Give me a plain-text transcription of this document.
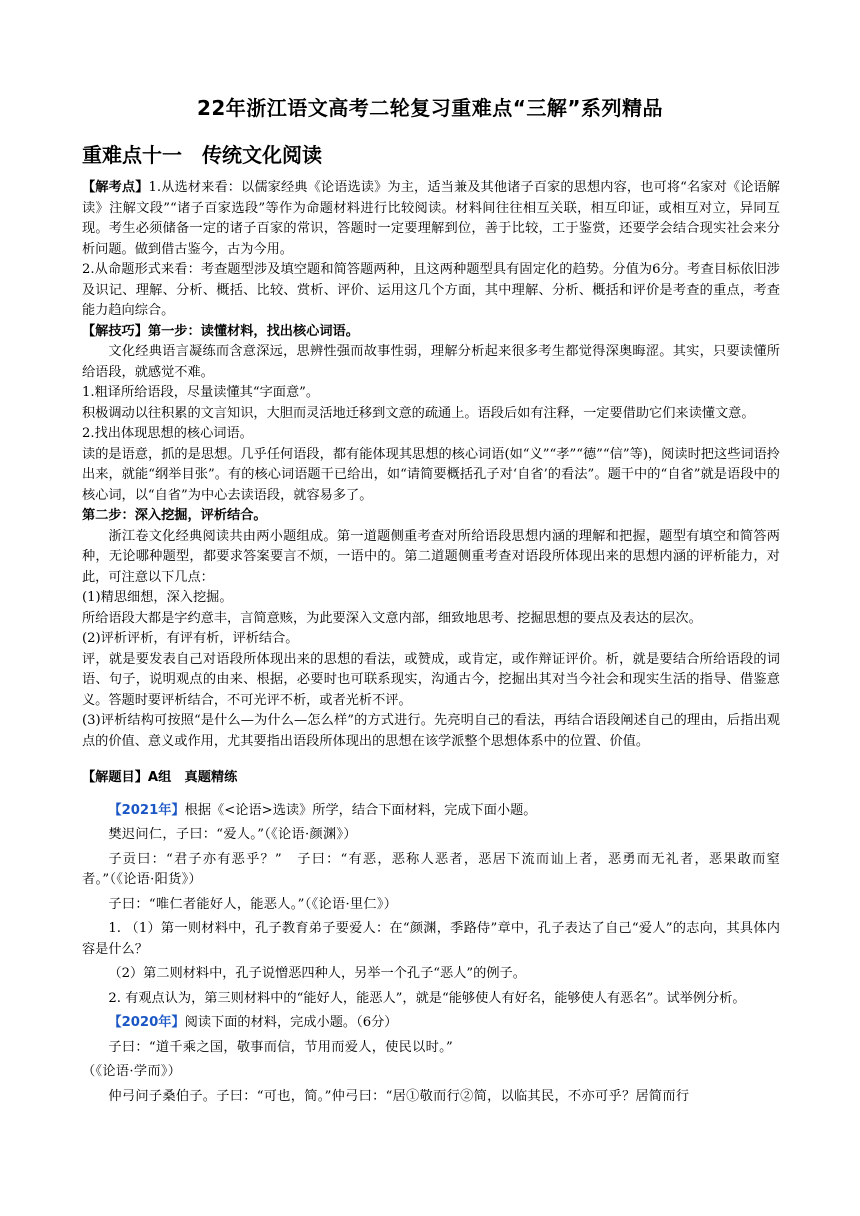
22年浙江语文高考二轮复习重难点“三解”系列精品
重难点十一　传统文化阅读

【解考点】1.从选材来看：以儒家经典《论语选读》为主，适当兼及其他诸子百家的思想内容，也可将“名家对《论语解读》注解文段”“诸子百家选段”等作为命题材料进行比较阅读。材料间往往相互关联，相互印证，或相互对立，异同互现。考生必须储备一定的诸子百家的常识，答题时一定要理解到位，善于比较，工于鉴赏，还要学会结合现实社会来分析问题。做到借古鉴今，古为今用。

2.从命题形式来看：考查题型涉及填空题和简答题两种，且这两种题型具有固定化的趋势。分值为6分。考查目标依旧涉及识记、理解、分析、概括、比较、赏析、评价、运用这几个方面，其中理解、分析、概括和评价是考查的重点，考查能力趋向综合。

【解技巧】第一步：读懂材料，找出核心词语。

文化经典语言凝练而含意深远，思辨性强而故事性弱，理解分析起来很多考生都觉得深奥晦涩。其实，只要读懂所给语段，就感觉不难。

1.粗译所给语段，尽量读懂其“字面意”。

积极调动以往积累的文言知识，大胆而灵活地迁移到文意的疏通上。语段后如有注释，一定要借助它们来读懂文意。

2.找出体现思想的核心词语。

读的是语意，抓的是思想。几乎任何语段，都有能体现其思想的核心词语(如“义”“孝”“德”“信”等)，阅读时把这些词语拎出来，就能“纲举目张”。有的核心词语题干已给出，如“请简要概括孔子对‘自省’的看法”。题干中的“自省”就是语段中的核心词，以“自省”为中心去读语段，就容易多了。

第二步：深入挖掘，评析结合。

浙江卷文化经典阅读共由两小题组成。第一道题侧重考查对所给语段思想内涵的理解和把握，题型有填空和简答两种，无论哪种题型，都要求答案要言不烦，一语中的。第二道题侧重考查对语段所体现出来的思想内涵的评析能力，对此，可注意以下几点：

(1)精思细想，深入挖掘。

所给语段大都是字约意丰，言简意赅，为此要深入文意内部，细致地思考、挖掘思想的要点及表达的层次。

(2)评析评析，有评有析，评析结合。

评，就是要发表自己对语段所体现出来的思想的看法，或赞成，或肯定，或作辩证评价。析，就是要结合所给语段的词语、句子，说明观点的由来、根据，必要时也可联系现实，沟通古今，挖掘出其对当今社会和现实生活的指导、借鉴意义。答题时要评析结合，不可光评不析，或者光析不评。

(3)评析结构可按照“是什么—为什么—怎么样”的方式进行。先亮明自己的看法，再结合语段阐述自己的理由，后指出观点的价值、意义或作用，尤其要指出语段所体现出的思想在该学派整个思想体系中的位置、价值。

【解题目】A组　真题精练

【2021年】根据《<论语>选读》所学，结合下面材料，完成下面小题。

樊迟问仁，子曰：“爱人。”（《论语·颜渊》）

子贡曰：“君子亦有恶乎？”　子曰：“有恶，恶称人恶者，恶居下流而讪上者，恶勇而无礼者，恶果敢而窒者。”（《论语·阳货》）

子曰：“唯仁者能好人，能恶人。”（《论语·里仁》）

1. （1）第一则材料中，孔子教育弟子要爱人：在“颜渊，季路侍”章中，孔子表达了自己“爱人”的志向，其具体内容是什么？

（2）第二则材料中，孔子说憎恶四种人，另举一个孔子“恶人”的例子。

2. 有观点认为，第三则材料中的“能好人，能恶人”，就是“能够使人有好名，能够使人有恶名”。试举例分析。

【2020年】阅读下面的材料，完成小题。（6分）

子曰：“道千乘之国，敬事而信，节用而爱人，使民以时。”

（《论语·学而》）

仲弓问子桑伯子。子曰：“可也，简。”仲弓曰：“居①敬而行②简，以临其民，不亦可乎？居简而行
